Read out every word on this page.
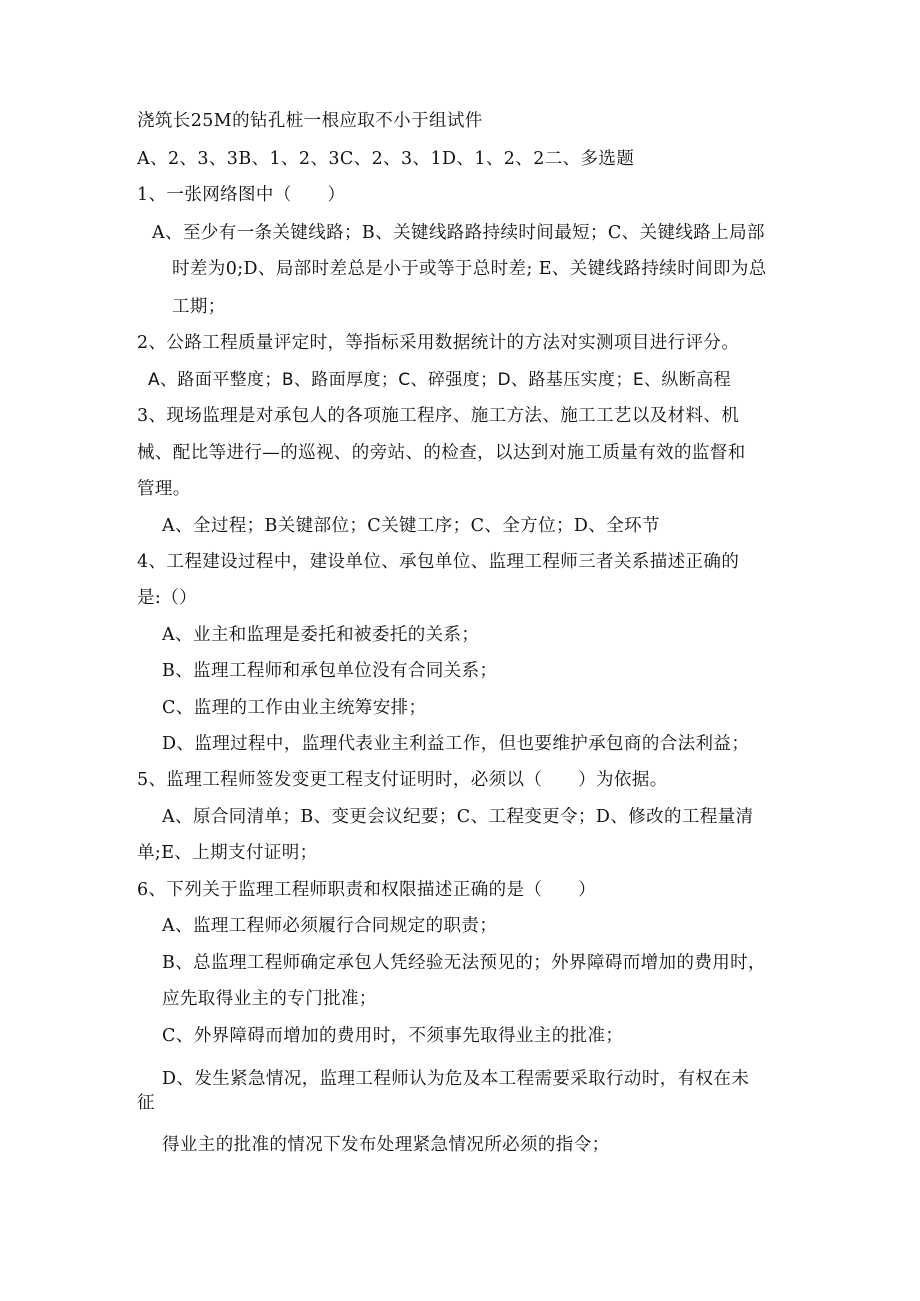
浇筑长25M的钻孔桩一根应取不小于组试件
A、2、3、3B、1、2、3C、2、3、1D、1、2、2二、多选题
1、一张网络图中（　　）
A、至少有一条关键线路；B、关键线路路持续时间最短；C、关键线路上局部
时差为0;D、局部时差总是小于或等于总时差; E、关键线路持续时间即为总
工期；
2、公路工程质量评定时，等指标采用数据统计的方法对实测项目进行评分。
A、路面平整度；B、路面厚度；C、碎强度；D、路基压实度；E、纵断高程
3、现场监理是对承包人的各项施工程序、施工方法、施工工艺以及材料、机
械、配比等进行—的巡视、的旁站、的检查，以达到对施工质量有效的监督和
管理。
A、全过程；B关键部位；C关键工序；C、全方位；D、全环节
4、工程建设过程中，建设单位、承包单位、监理工程师三者关系描述正确的
是:（）
A、业主和监理是委托和被委托的关系；
B、监理工程师和承包单位没有合同关系；
C、监理的工作由业主统筹安排；
D、监理过程中，监理代表业主利益工作，但也要维护承包商的合法利益；
5、监理工程师签发变更工程支付证明时，必须以（　　）为依据。
A、原合同清单；B、变更会议纪要；C、工程变更令；D、修改的工程量清
单;E、上期支付证明；
6、下列关于监理工程师职责和权限描述正确的是（　　）
A、监理工程师必须履行合同规定的职责；
B、总监理工程师确定承包人凭经验无法预见的；外界障碍而增加的费用时，
应先取得业主的专门批准；
C、外界障碍而增加的费用时，不须事先取得业主的批准；
D、发生紧急情况，监理工程师认为危及本工程需要采取行动时，有权在未
征
得业主的批准的情况下发布处理紧急情况所必须的指令；
